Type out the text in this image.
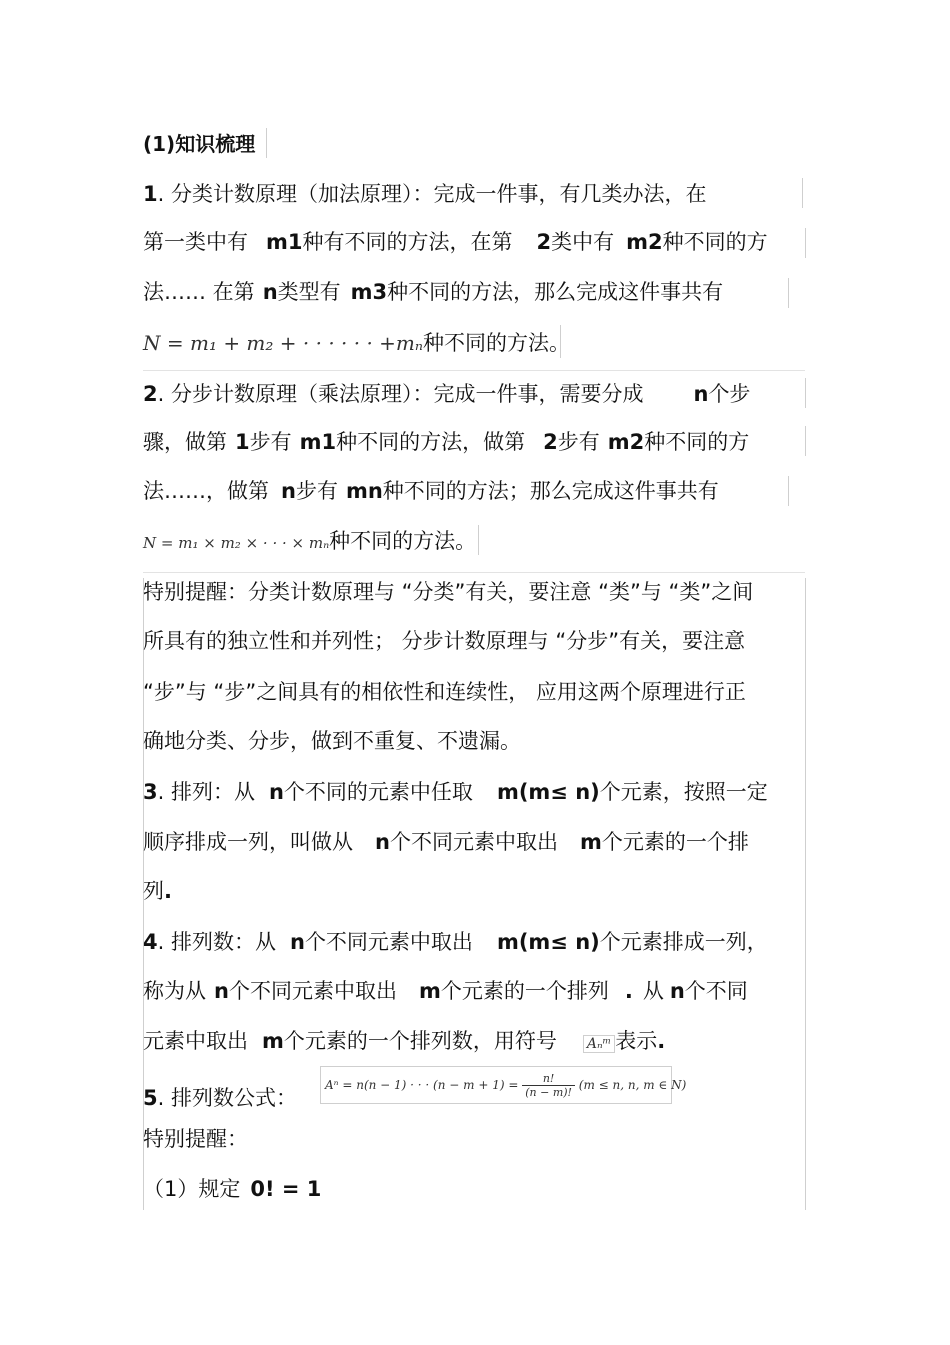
(1)知识梳理
1. 分类计数原理（加法原理）：完成一件事，有几类办法，在
第一类中有 m1种有不同的方法，在第 2类中有 m2种不同的方
法…… 在第 n类型有 m3种不同的方法，那么完成这件事共有
N = m₁ + m₂ + · · · · · · +mₙ种不同的方法。
2. 分步计数原理（乘法原理）：完成一件事，需要分成 n个步
骤，做第 1步有 m1种不同的方法，做第 2步有 m2种不同的方
法……，做第 n步有 mn种不同的方法；那么完成这件事共有
N = m₁ × m₂ × · · · × mₙ种不同的方法。
特别提醒：分类计数原理与 “分类”有关，要注意 “类”与 “类”之间
所具有的独立性和并列性； 分步计数原理与 “分步”有关，要注意
“步”与 “步”之间具有的相依性和连续性， 应用这两个原理进行正
确地分类、分步，做到不重复、不遗漏。
3. 排列：从 n个不同的元素中任取 m(m≤ n)个元素，按照一定
顺序排成一列，叫做从 n个不同元素中取出 m个元素的一个排
列.
4. 排列数：从 n个不同元素中取出 m(m≤ n)个元素排成一列，
称为从 n个不同元素中取出 m个元素的一个排列 . 从 n个不同
元素中取出 m个元素的一个排列数，用符号 Aₙᵐ 表示.
5. 排列数公式：
Aⁿ = n(n − 1) · · · $(n - m + 1) = \frac{n!}{(n - m)!} (m \le n$, n, m ∈ N)
特别提醒：
（1）规定 0! = 1
